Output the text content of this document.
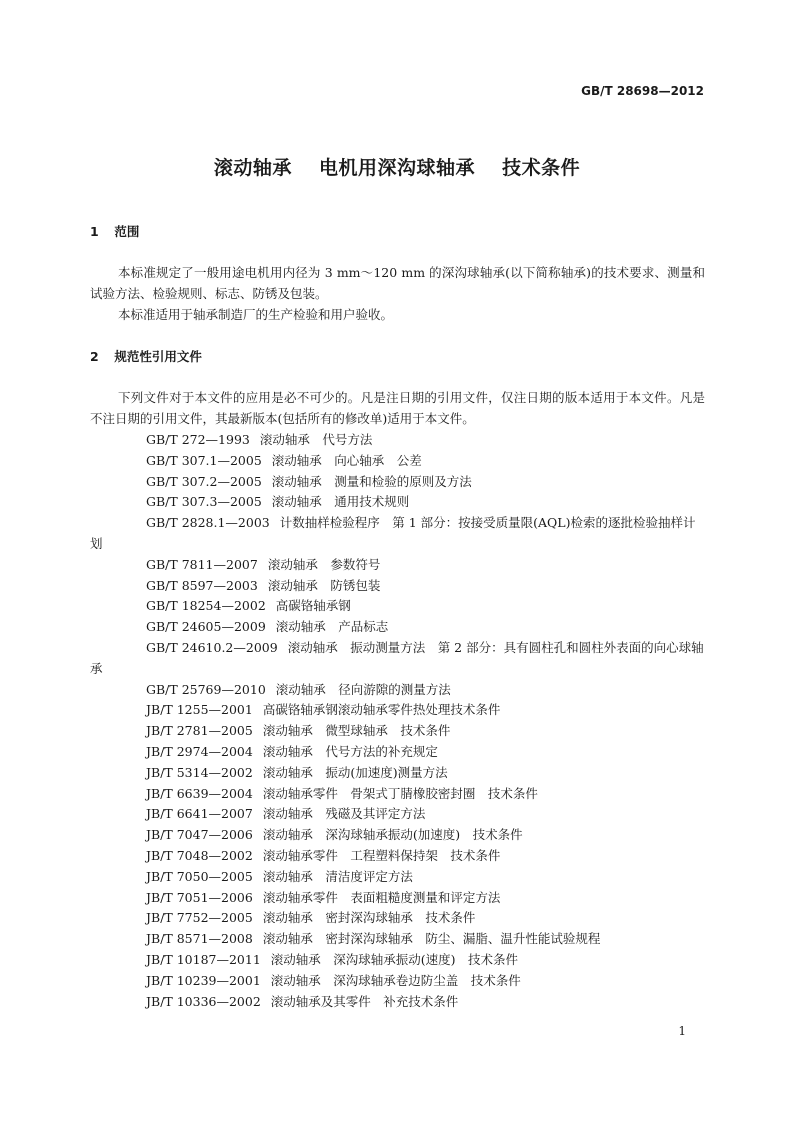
GB/T 28698—2012
滚动轴承 电机用深沟球轴承 技术条件
1 范围

本标准规定了一般用途电机用内径为 3 mm～120 mm 的深沟球轴承(以下简称轴承)的技术要求、测量和试验方法、检验规则、标志、防锈及包装。

本标准适用于轴承制造厂的生产检验和用户验收。

2 规范性引用文件

下列文件对于本文件的应用是必不可少的。凡是注日期的引用文件，仅注日期的版本适用于本文件。凡是不注日期的引用文件，其最新版本(包括所有的修改单)适用于本文件。

GB/T 272—1993 滚动轴承　代号方法
GB/T 307.1—2005 滚动轴承　向心轴承　公差
GB/T 307.2—2005 滚动轴承　测量和检验的原则及方法
GB/T 307.3—2005 滚动轴承　通用技术规则
GB/T 2828.1—2003 计数抽样检验程序　第 1 部分：按接受质量限(AQL)检索的逐批检验抽样计划
GB/T 7811—2007 滚动轴承　参数符号
GB/T 8597—2003 滚动轴承　防锈包装
GB/T 18254—2002 高碳铬轴承钢
GB/T 24605—2009 滚动轴承　产品标志
GB/T 24610.2—2009 滚动轴承　振动测量方法　第 2 部分：具有圆柱孔和圆柱外表面的向心球轴承
GB/T 25769—2010 滚动轴承　径向游隙的测量方法
JB/T 1255—2001 高碳铬轴承钢滚动轴承零件热处理技术条件
JB/T 2781—2005 滚动轴承　微型球轴承　技术条件
JB/T 2974—2004 滚动轴承　代号方法的补充规定
JB/T 5314—2002 滚动轴承　振动(加速度)测量方法
JB/T 6639—2004 滚动轴承零件　骨架式丁腈橡胶密封圈　技术条件
JB/T 6641—2007 滚动轴承　残磁及其评定方法
JB/T 7047—2006 滚动轴承　深沟球轴承振动(加速度)　技术条件
JB/T 7048—2002 滚动轴承零件　工程塑料保持架　技术条件
JB/T 7050—2005 滚动轴承　清洁度评定方法
JB/T 7051—2006 滚动轴承零件　表面粗糙度测量和评定方法
JB/T 7752—2005 滚动轴承　密封深沟球轴承　技术条件
JB/T 8571—2008 滚动轴承　密封深沟球轴承　防尘、漏脂、温升性能试验规程
JB/T 10187—2011 滚动轴承　深沟球轴承振动(速度)　技术条件
JB/T 10239—2001 滚动轴承　深沟球轴承卷边防尘盖　技术条件
JB/T 10336—2002 滚动轴承及其零件　补充技术条件
1
